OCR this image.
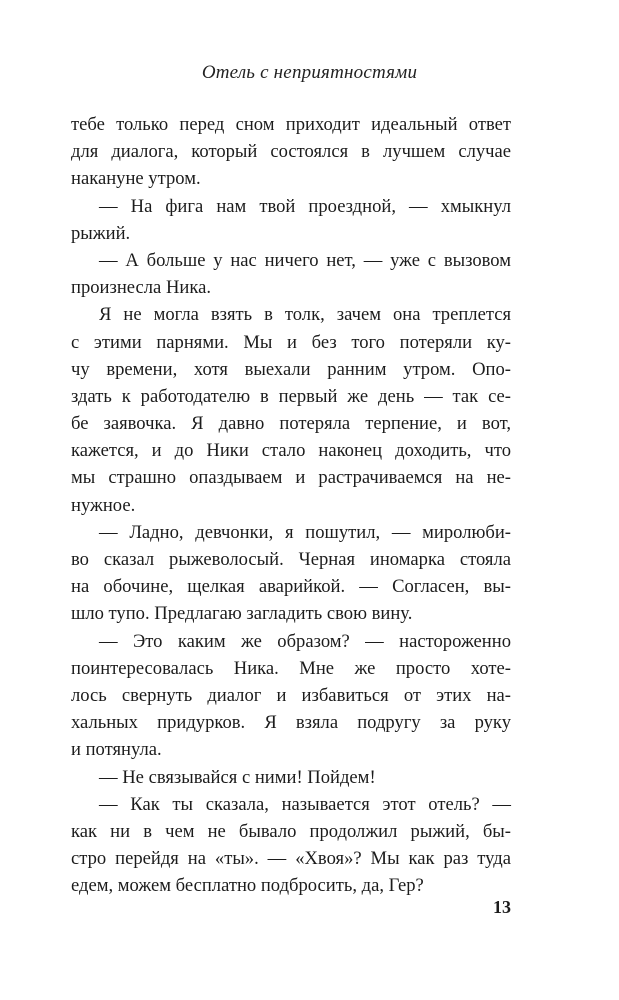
Отель с неприятностями
тебе только перед сном приходит идеальный ответ
для диалога, который состоялся в лучшем случае
накануне утром.
— На фига нам твой проездной, — хмыкнул
рыжий.
— А больше у нас ничего нет, — уже с вызовом
произнесла Ника.
Я не могла взять в толк, зачем она треплется
с этими парнями. Мы и без того потеряли ку-
чу времени, хотя выехали ранним утром. Опо-
здать к работодателю в первый же день — так се-
бе заявочка. Я давно потеряла терпение, и вот,
кажется, и до Ники стало наконец доходить, что
мы страшно опаздываем и растрачиваемся на не-
нужное.
— Ладно, девчонки, я пошутил, — миролюби-
во сказал рыжеволосый. Черная иномарка стояла
на обочине, щелкая аварийкой. — Согласен, вы-
шло тупо. Предлагаю загладить свою вину.
— Это каким же образом? — настороженно
поинтересовалась Ника. Мне же просто хоте-
лось свернуть диалог и избавиться от этих на-
хальных придурков. Я взяла подругу за руку
и потянула.
— Не связывайся с ними! Пойдем!
— Как ты сказала, называется этот отель? —
как ни в чем не бывало продолжил рыжий, бы-
стро перейдя на «ты». — «Хвоя»? Мы как раз туда
едем, можем бесплатно подбросить, да, Гер?
13
